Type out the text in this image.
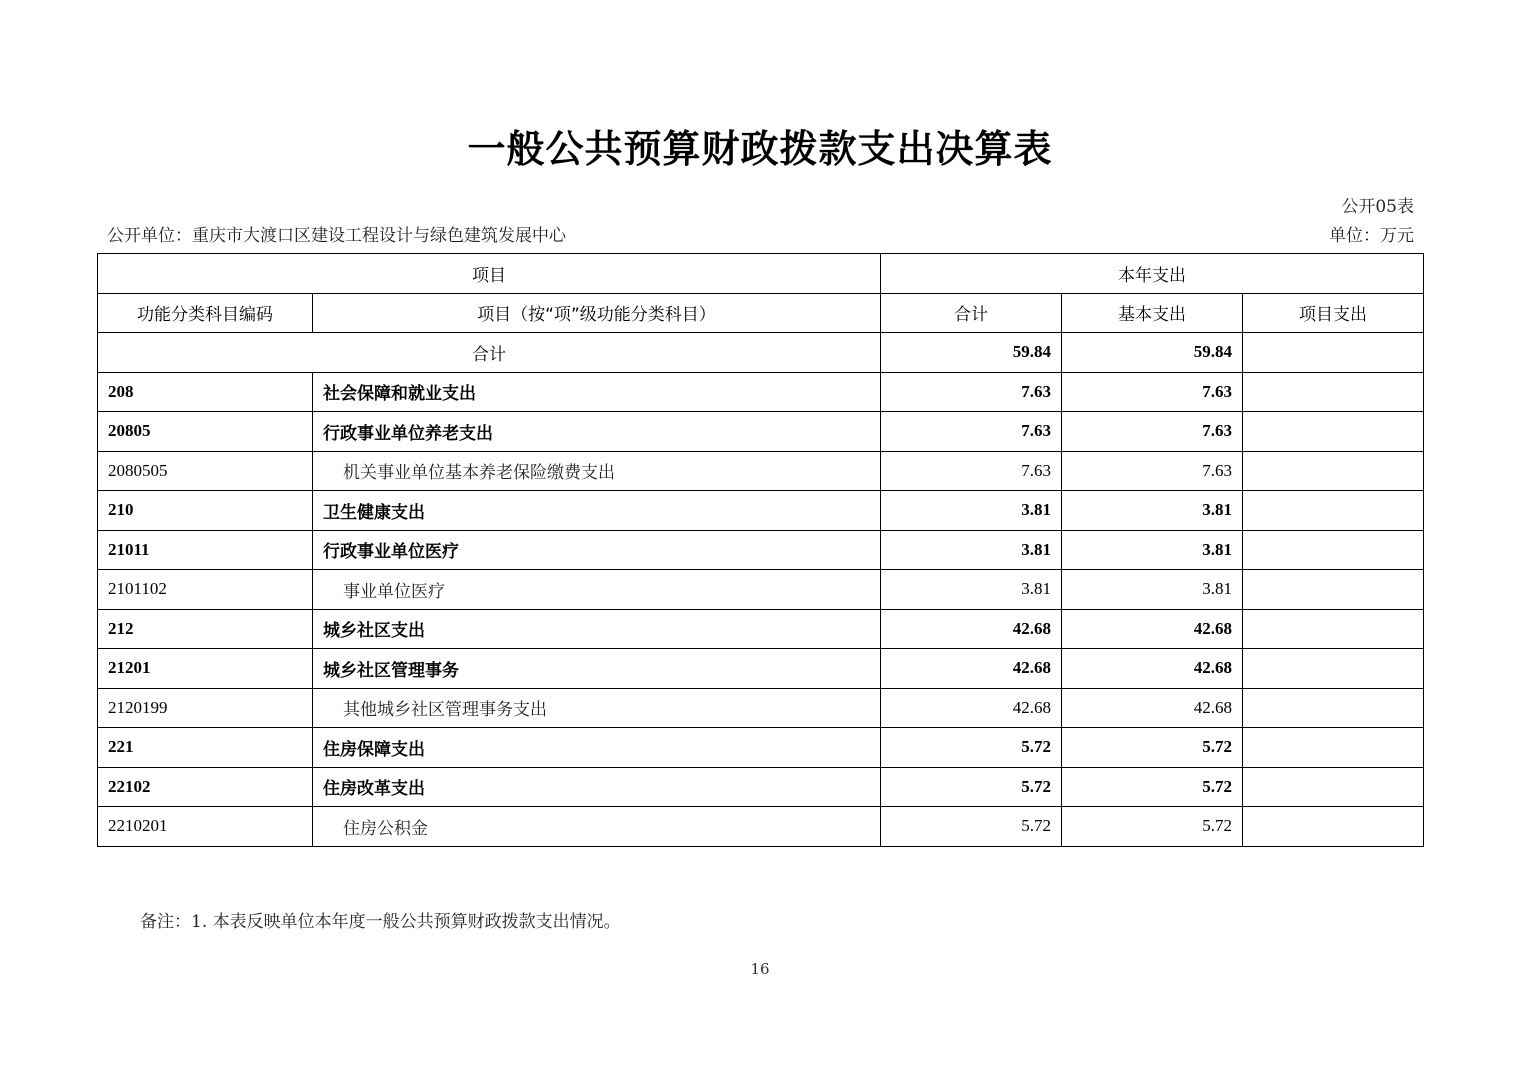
一般公共预算财政拨款支出决算表
公开05表
公开单位：重庆市大渡口区建设工程设计与绿色建筑发展中心	单位：万元
项目		本年支出		
功能分类科目编码	项目（按“项”级功能分类科目）	合计	基本支出	项目支出
合计		59.84	59.84	
208	社会保障和就业支出	7.63	7.63	
20805	行政事业单位养老支出	7.63	7.63	
2080505	机关事业单位基本养老保险缴费支出	7.63	7.63	
210	卫生健康支出	3.81	3.81	
21011	行政事业单位医疗	3.81	3.81	
2101102	事业单位医疗	3.81	3.81	
212	城乡社区支出	42.68	42.68	
21201	城乡社区管理事务	42.68	42.68	
2120199	其他城乡社区管理事务支出	42.68	42.68	
221	住房保障支出	5.72	5.72	
22102	住房改革支出	5.72	5.72	
2210201	住房公积金	5.72	5.72	
备注：1. 本表反映单位本年度一般公共预算财政拨款支出情况。
16
